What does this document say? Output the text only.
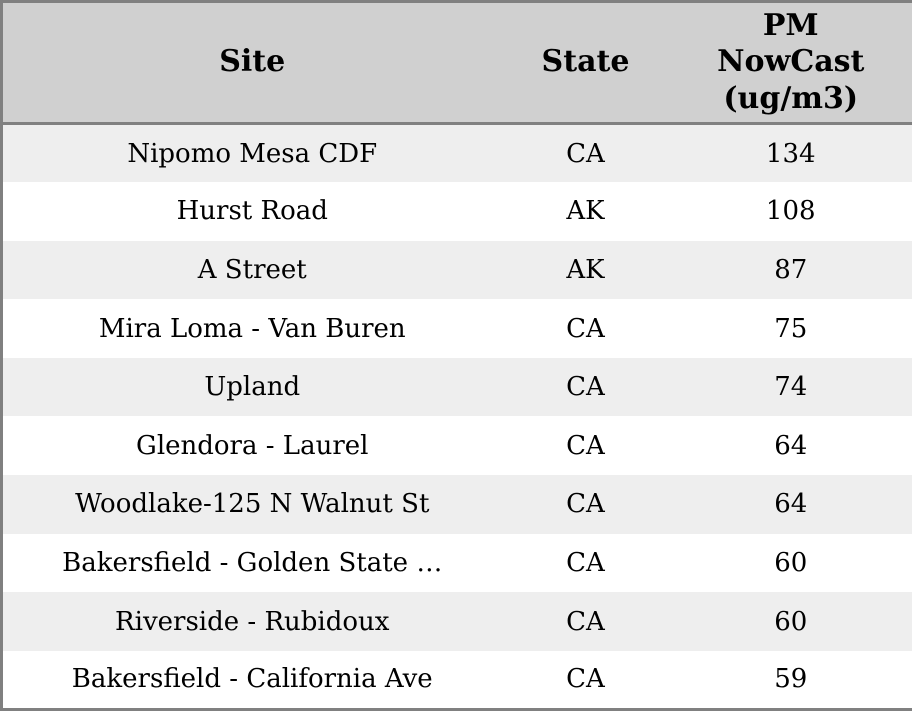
Site	State	PM NowCast (ug/m3)
Nipomo Mesa CDF	CA	134
Hurst Road	AK	108
A Street	AK	87
Mira Loma - Van Buren	CA	75
Upland	CA	74
Glendora - Laurel	CA	64
Woodlake-125 N Walnut St	CA	64
Bakersfield - Golden State …	CA	60
Riverside - Rubidoux	CA	60
Bakersfield - California Ave	CA	59
